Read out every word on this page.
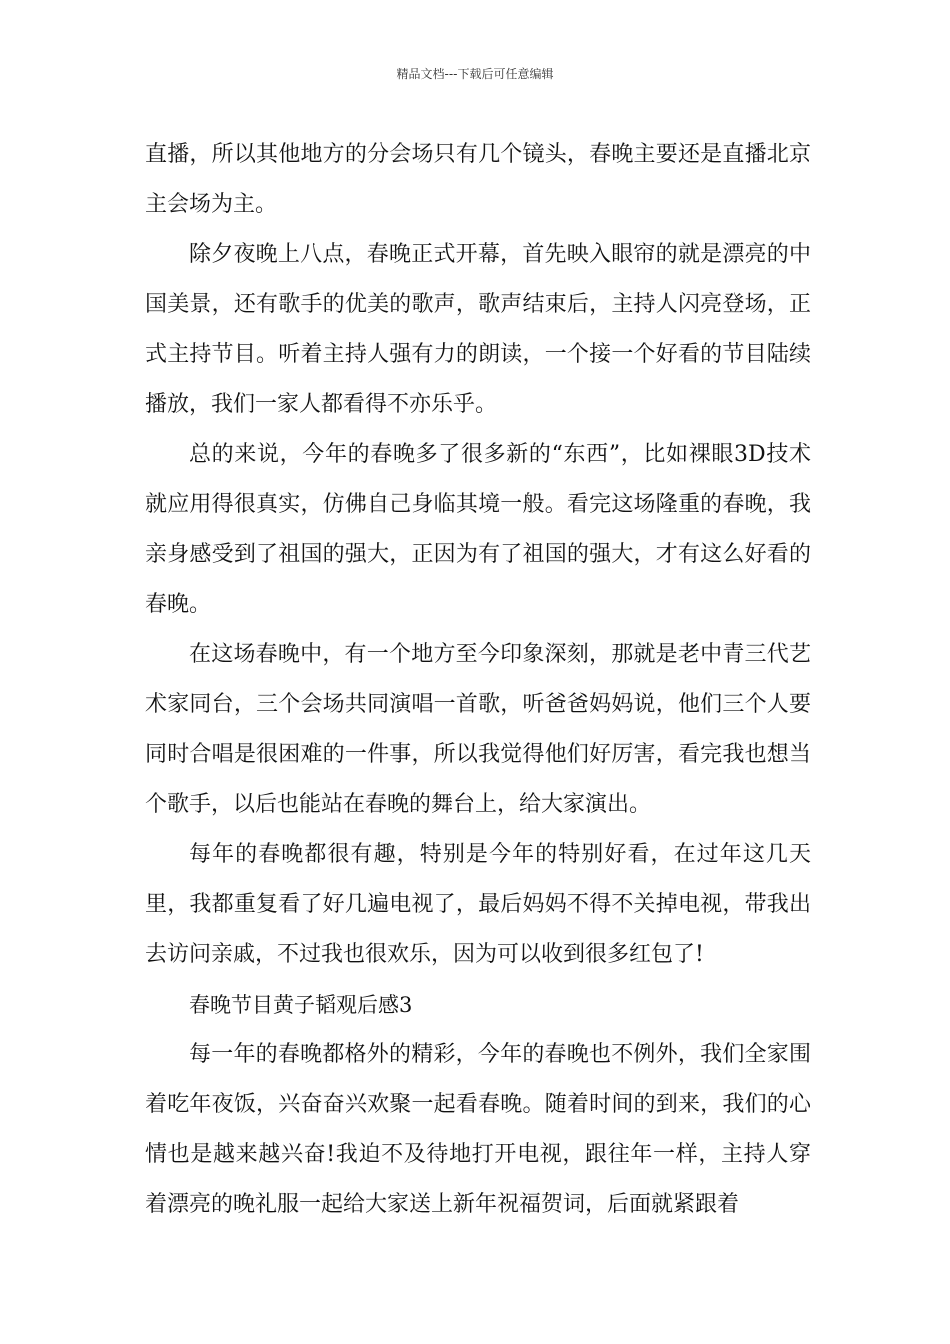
精品文档---下载后可任意编辑

直播，所以其他地方的分会场只有几个镜头，春晚主要还是直播北京主会场为主。

除夕夜晚上八点，春晚正式开幕，首先映入眼帘的就是漂亮的中国美景，还有歌手的优美的歌声，歌声结束后，主持人闪亮登场，正式主持节目。听着主持人强有力的朗读，一个接一个好看的节目陆续播放，我们一家人都看得不亦乐乎。

总的来说，今年的春晚多了很多新的“东西”，比如裸眼3D技术就应用得很真实，仿佛自己身临其境一般。看完这场隆重的春晚，我亲身感受到了祖国的强大，正因为有了祖国的强大，才有这么好看的春晚。

在这场春晚中，有一个地方至今印象深刻，那就是老中青三代艺术家同台，三个会场共同演唱一首歌，听爸爸妈妈说，他们三个人要同时合唱是很困难的一件事，所以我觉得他们好厉害，看完我也想当个歌手，以后也能站在春晚的舞台上，给大家演出。

每年的春晚都很有趣，特别是今年的特别好看，在过年这几天里，我都重复看了好几遍电视了，最后妈妈不得不关掉电视，带我出去访问亲戚，不过我也很欢乐，因为可以收到很多红包了!

春晚节目黄子韬观后感3

每一年的春晚都格外的精彩，今年的春晚也不例外，我们全家围着吃年夜饭，兴奋奋兴欢聚一起看春晚。随着时间的到来，我们的心情也是越来越兴奋!我迫不及待地打开电视，跟往年一样，主持人穿着漂亮的晚礼服一起给大家送上新年祝福贺词，后面就紧跟着
